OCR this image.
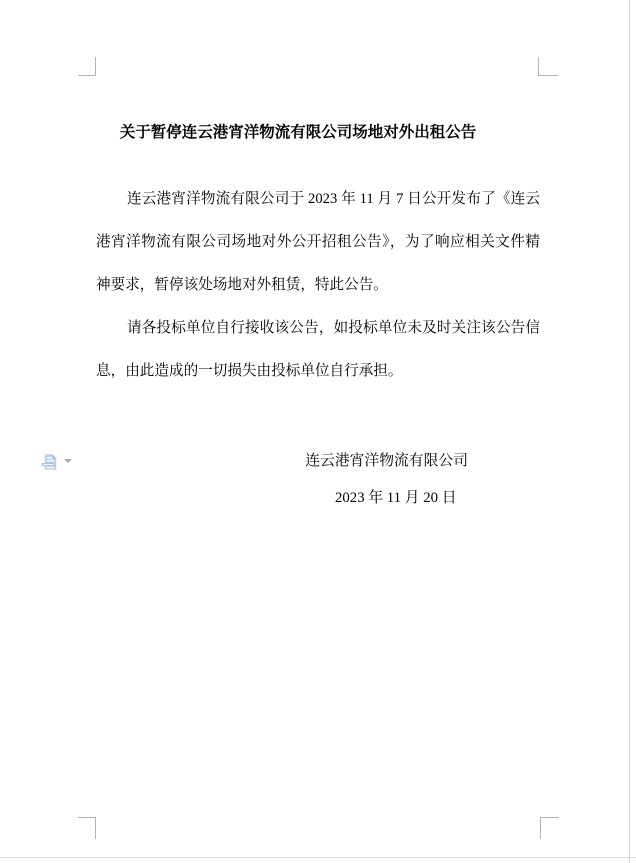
关于暂停连云港宵洋物流有限公司场地对外出租公告
连云港宵洋物流有限公司于 2023 年 11 月 7 日公开发布了《连云
港宵洋物流有限公司场地对外公开招租公告》，为了响应相关文件精
神要求，暂停该处场地对外租赁，特此公告。
请各投标单位自行接收该公告，如投标单位未及时关注该公告信
息，由此造成的一切损失由投标单位自行承担。
连云港宵洋物流有限公司
2023 年 11 月 20 日
